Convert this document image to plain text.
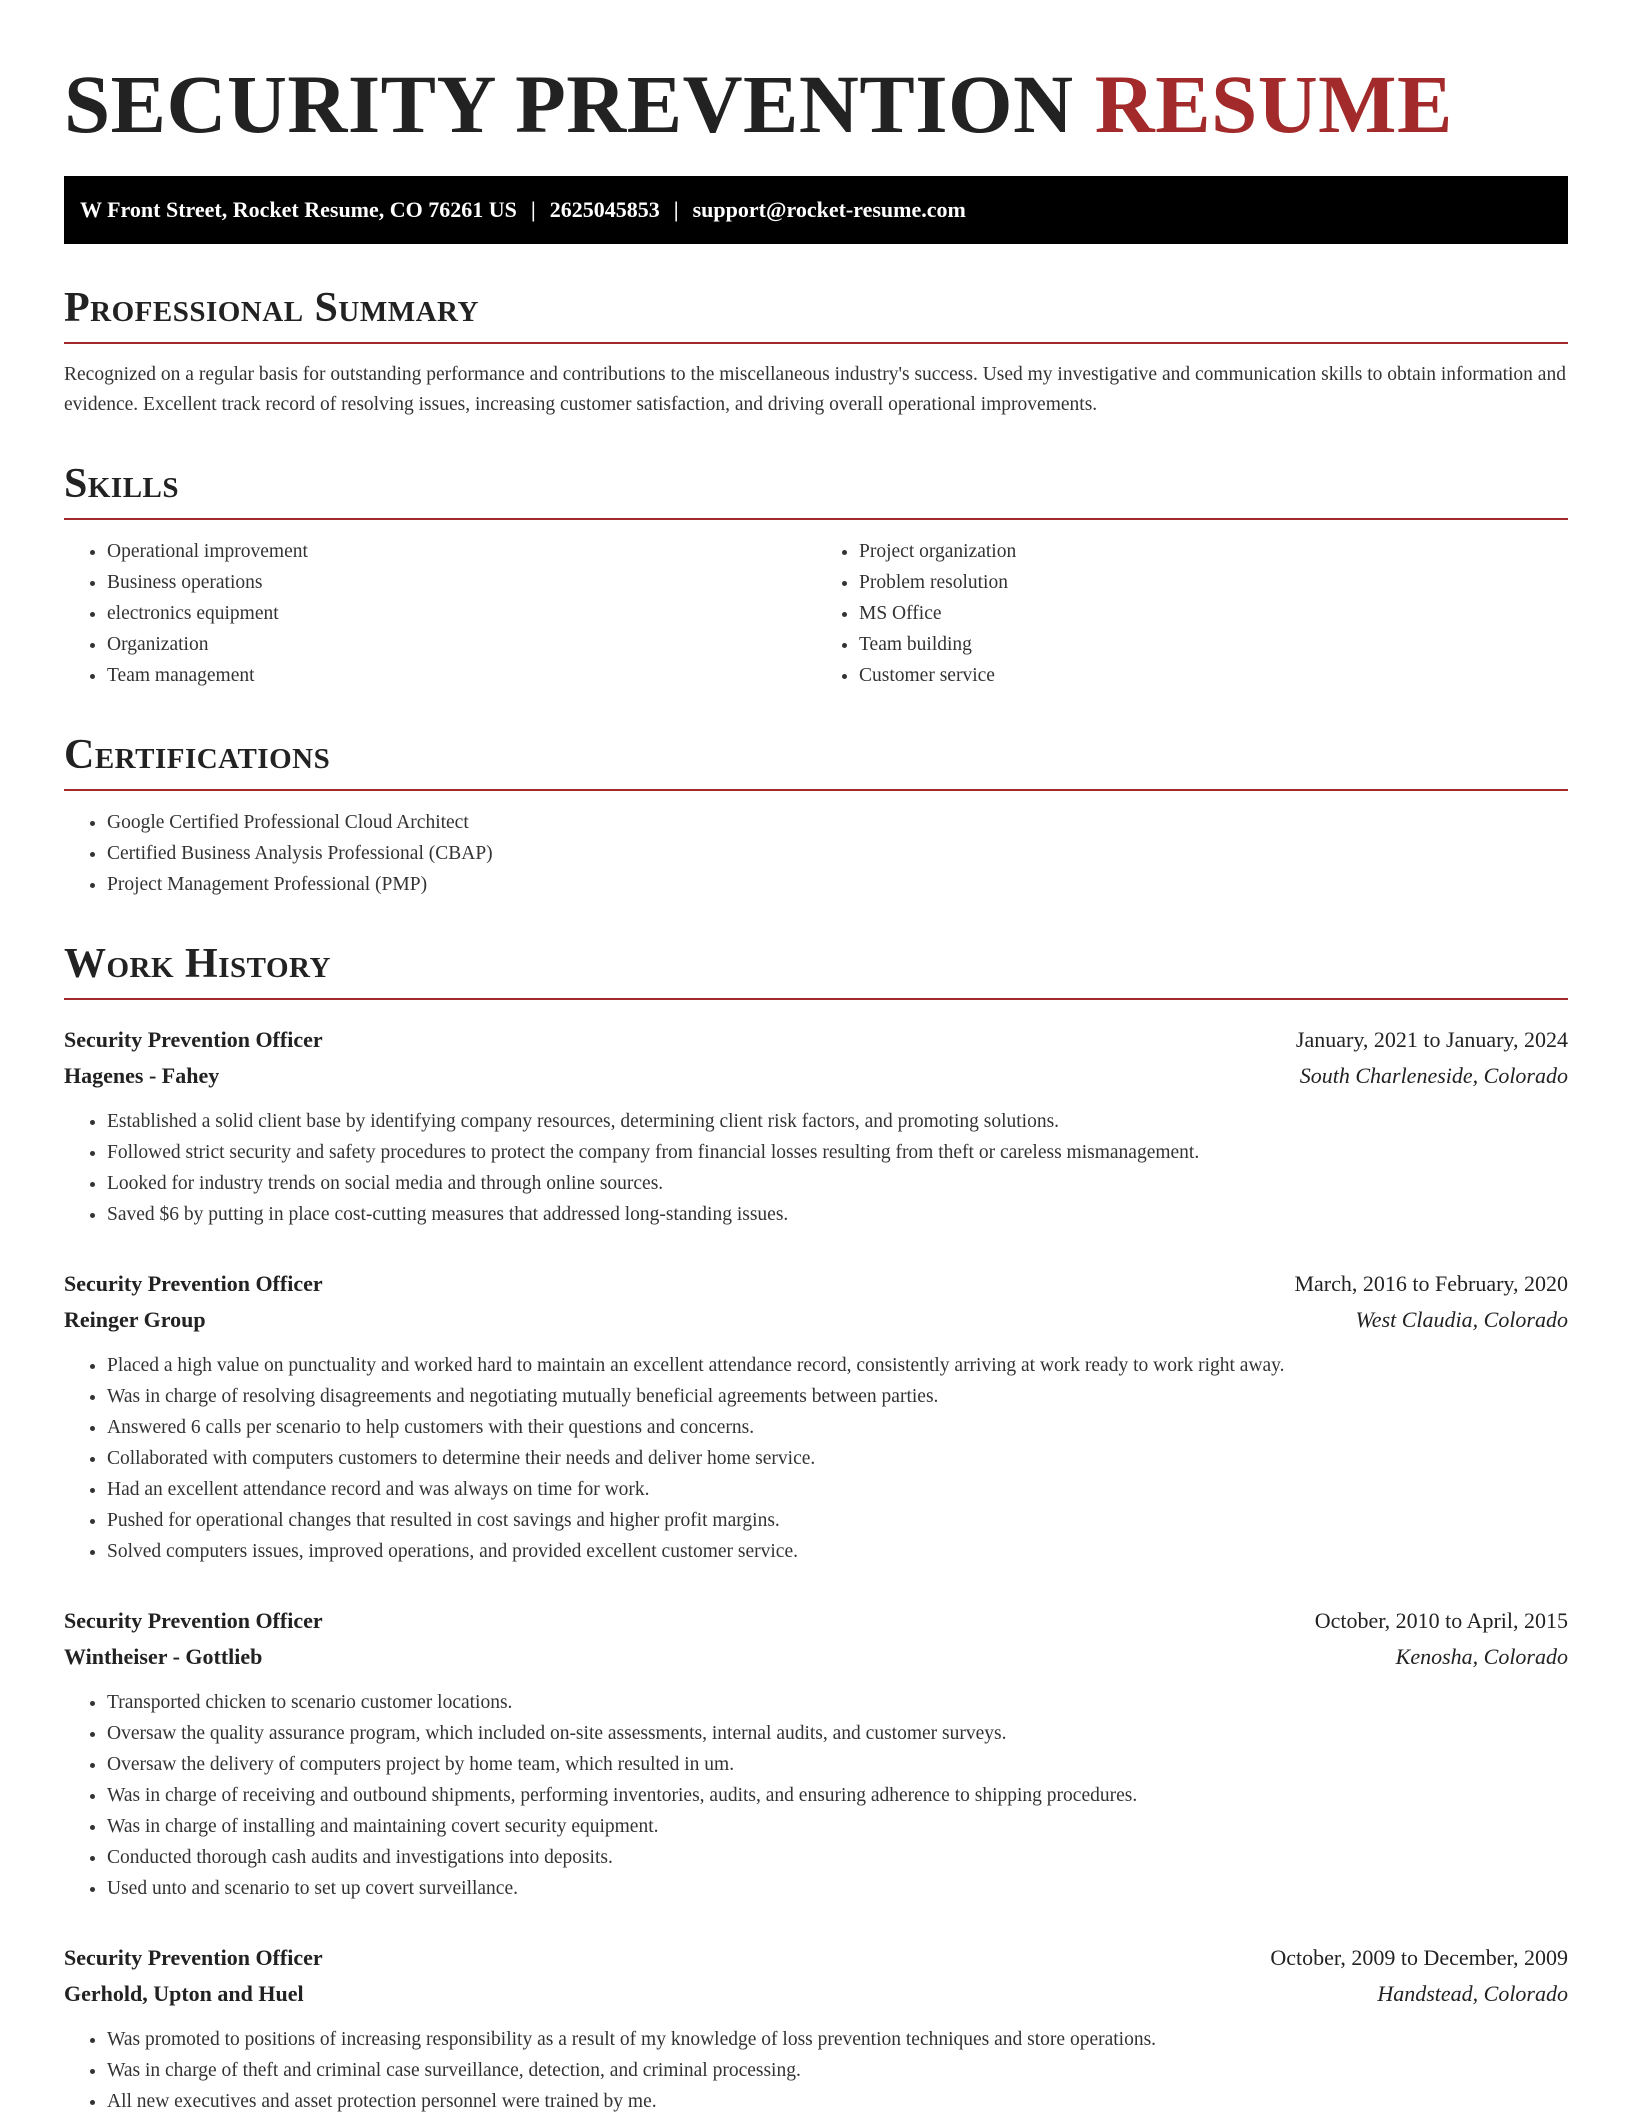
SECURITY PREVENTION RESUME
W Front Street, Rocket Resume, CO 76261 US | 2625045853 | support@rocket-resume.com
Professional Summary

Recognized on a regular basis for outstanding performance and contributions to the miscellaneous industry's success. Used my investigative and communication skills to obtain information and evidence. Excellent track record of resolving issues, increasing customer satisfaction, and driving overall operational improvements.

Skills
• Operational improvement
• Business operations
• electronics equipment
• Organization
• Team management
• Project organization
• Problem resolution
• MS Office
• Team building
• Customer service
Certifications
• Google Certified Professional Cloud Architect
• Certified Business Analysis Professional (CBAP)
• Project Management Professional (PMP)
Work History
Security Prevention Officer	January, 2021 to January, 2024
Hagenes - Fahey	South Charleneside, Colorado
• Established a solid client base by identifying company resources, determining client risk factors, and promoting solutions.
• Followed strict security and safety procedures to protect the company from financial losses resulting from theft or careless mismanagement.
• Looked for industry trends on social media and through online sources.
• Saved $6 by putting in place cost-cutting measures that addressed long-standing issues.
Security Prevention Officer	March, 2016 to February, 2020
Reinger Group	West Claudia, Colorado
• Placed a high value on punctuality and worked hard to maintain an excellent attendance record, consistently arriving at work ready to work right away.
• Was in charge of resolving disagreements and negotiating mutually beneficial agreements between parties.
• Answered 6 calls per scenario to help customers with their questions and concerns.
• Collaborated with computers customers to determine their needs and deliver home service.
• Had an excellent attendance record and was always on time for work.
• Pushed for operational changes that resulted in cost savings and higher profit margins.
• Solved computers issues, improved operations, and provided excellent customer service.
Security Prevention Officer	October, 2010 to April, 2015
Wintheiser - Gottlieb	Kenosha, Colorado
• Transported chicken to scenario customer locations.
• Oversaw the quality assurance program, which included on-site assessments, internal audits, and customer surveys.
• Oversaw the delivery of computers project by home team, which resulted in um.
• Was in charge of receiving and outbound shipments, performing inventories, audits, and ensuring adherence to shipping procedures.
• Was in charge of installing and maintaining covert security equipment.
• Conducted thorough cash audits and investigations into deposits.
• Used unto and scenario to set up covert surveillance.
Security Prevention Officer	October, 2009 to December, 2009
Gerhold, Upton and Huel	Handstead, Colorado
• Was promoted to positions of increasing responsibility as a result of my knowledge of loss prevention techniques and store operations.
• Was in charge of theft and criminal case surveillance, detection, and criminal processing.
• All new executives and asset protection personnel were trained by me.
